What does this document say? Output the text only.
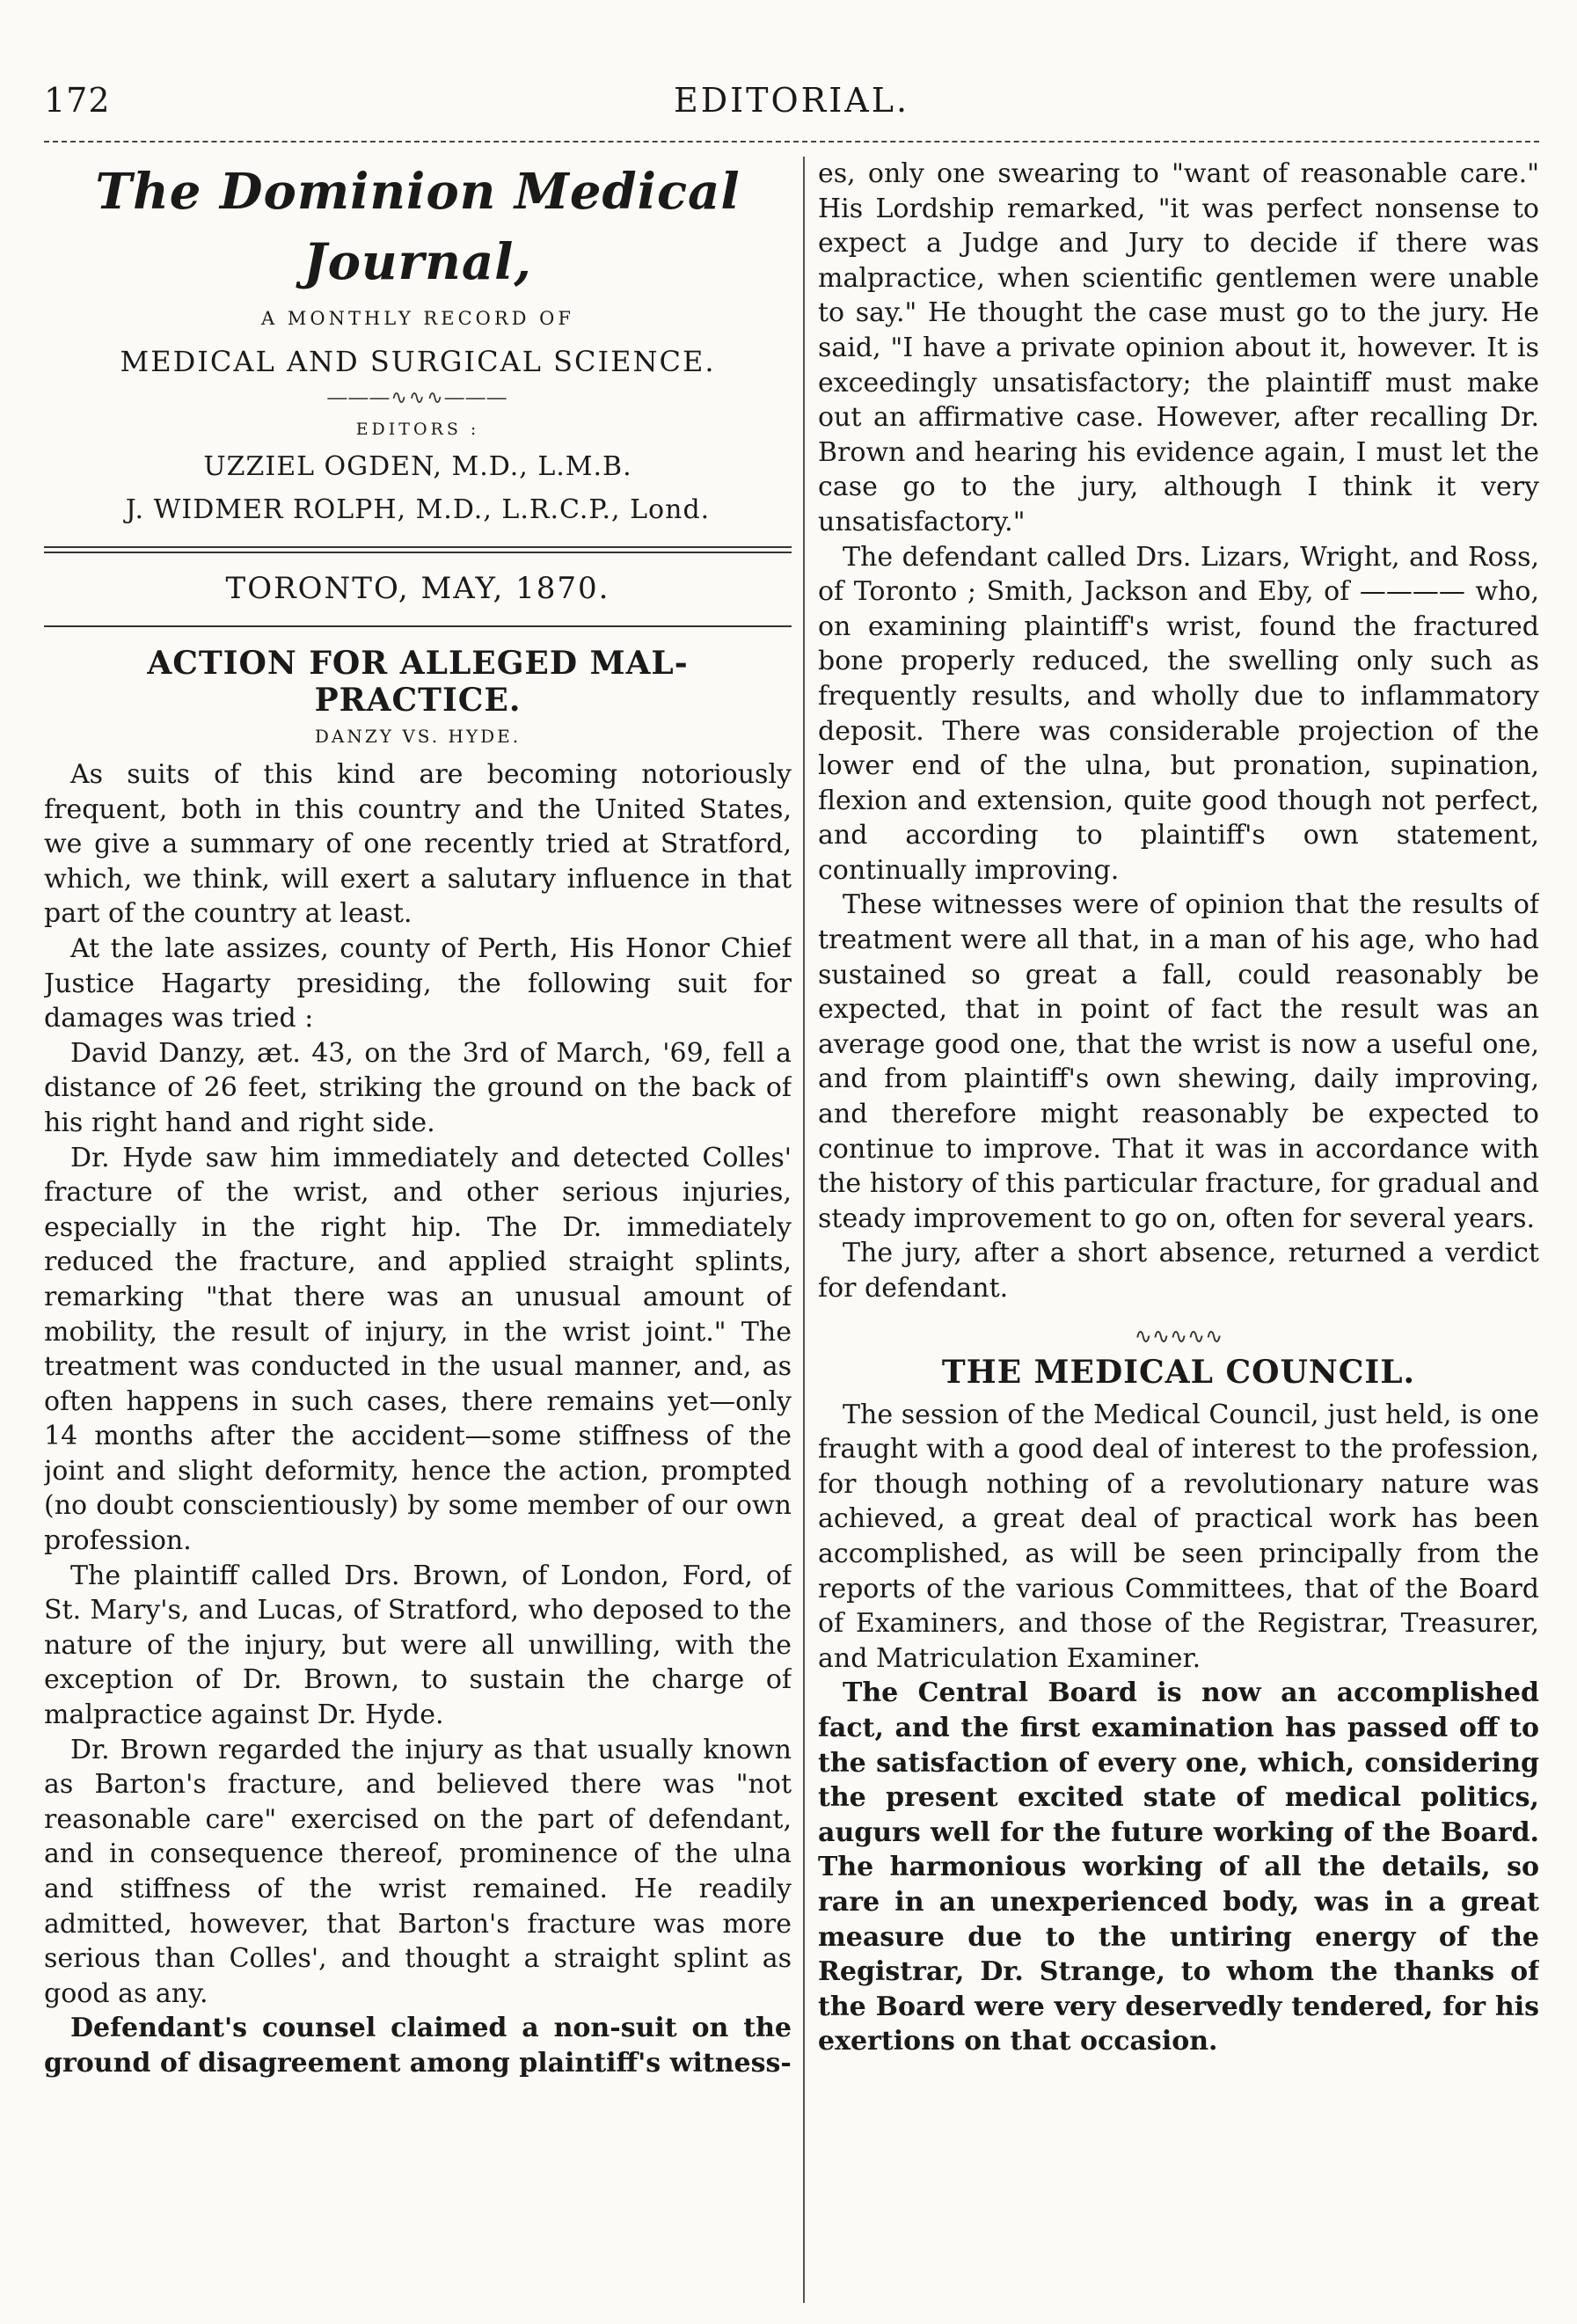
172	EDITORIAL.
The Dominion Medical Journal,
A MONTHLY RECORD OF
MEDICAL AND SURGICAL SCIENCE.
―――∿∿∿―――
EDITORS :
UZZIEL OGDEN, M.D., L.M.B.
J. WIDMER ROLPH, M.D., L.R.C.P., Lond.
TORONTO, MAY, 1870.
ACTION FOR ALLEGED MAL-PRACTICE.
DANZY VS. HYDE.

As suits of this kind are becoming notoriously frequent, both in this country and the United States, we give a summary of one recently tried at Stratford, which, we think, will exert a salutary influence in that part of the country at least.

At the late assizes, county of Perth, His Honor Chief Justice Hagarty presiding, the following suit for damages was tried :

David Danzy, æt. 43, on the 3rd of March, '69, fell a distance of 26 feet, striking the ground on the back of his right hand and right side.

Dr. Hyde saw him immediately and detected Colles' fracture of the wrist, and other serious injuries, especially in the right hip. The Dr. immediately reduced the fracture, and applied straight splints, remarking "that there was an unusual amount of mobility, the result of injury, in the wrist joint." The treatment was conducted in the usual manner, and, as often happens in such cases, there remains yet—only 14 months after the accident—some stiffness of the joint and slight deformity, hence the action, prompted (no doubt conscientiously) by some member of our own profession.

The plaintiff called Drs. Brown, of London, Ford, of St. Mary's, and Lucas, of Stratford, who deposed to the nature of the injury, but were all unwilling, with the exception of Dr. Brown, to sustain the charge of malpractice against Dr. Hyde.

Dr. Brown regarded the injury as that usually known as Barton's fracture, and believed there was "not reasonable care" exercised on the part of defendant, and in consequence thereof, prominence of the ulna and stiffness of the wrist remained. He readily admitted, however, that Barton's fracture was more serious than Colles', and thought a straight splint as good as any.

Defendant's counsel claimed a non-suit on the ground of disagreement among plaintiff's witness-

es, only one swearing to "want of reasonable care." His Lordship remarked, "it was perfect nonsense to expect a Judge and Jury to decide if there was malpractice, when scientific gentlemen were unable to say." He thought the case must go to the jury. He said, "I have a private opinion about it, however. It is exceedingly unsatisfactory; the plaintiff must make out an affirmative case. However, after recalling Dr. Brown and hearing his evidence again, I must let the case go to the jury, although I think it very unsatisfactory."

The defendant called Drs. Lizars, Wright, and Ross, of Toronto ; Smith, Jackson and Eby, of ———— who, on examining plaintiff's wrist, found the fractured bone properly reduced, the swelling only such as frequently results, and wholly due to inflammatory deposit. There was considerable projection of the lower end of the ulna, but pronation, supination, flexion and extension, quite good though not perfect, and according to plaintiff's own statement, continually improving.

These witnesses were of opinion that the results of treatment were all that, in a man of his age, who had sustained so great a fall, could reasonably be expected, that in point of fact the result was an average good one, that the wrist is now a useful one, and from plaintiff's own shewing, daily improving, and therefore might reasonably be expected to continue to improve. That it was in accordance with the history of this particular fracture, for gradual and steady improvement to go on, often for several years.

The jury, after a short absence, returned a verdict for defendant.

∿∿∿∿∿
THE MEDICAL COUNCIL.

The session of the Medical Council, just held, is one fraught with a good deal of interest to the profession, for though nothing of a revolutionary nature was achieved, a great deal of practical work has been accomplished, as will be seen principally from the reports of the various Committees, that of the Board of Examiners, and those of the Registrar, Treasurer, and Matriculation Examiner.

The Central Board is now an accomplished fact, and the first examination has passed off to the satisfaction of every one, which, considering the present excited state of medical politics, augurs well for the future working of the Board. The harmonious working of all the details, so rare in an unexperienced body, was in a great measure due to the untiring energy of the Registrar, Dr. Strange, to whom the thanks of the Board were very deservedly tendered, for his exertions on that occasion.
